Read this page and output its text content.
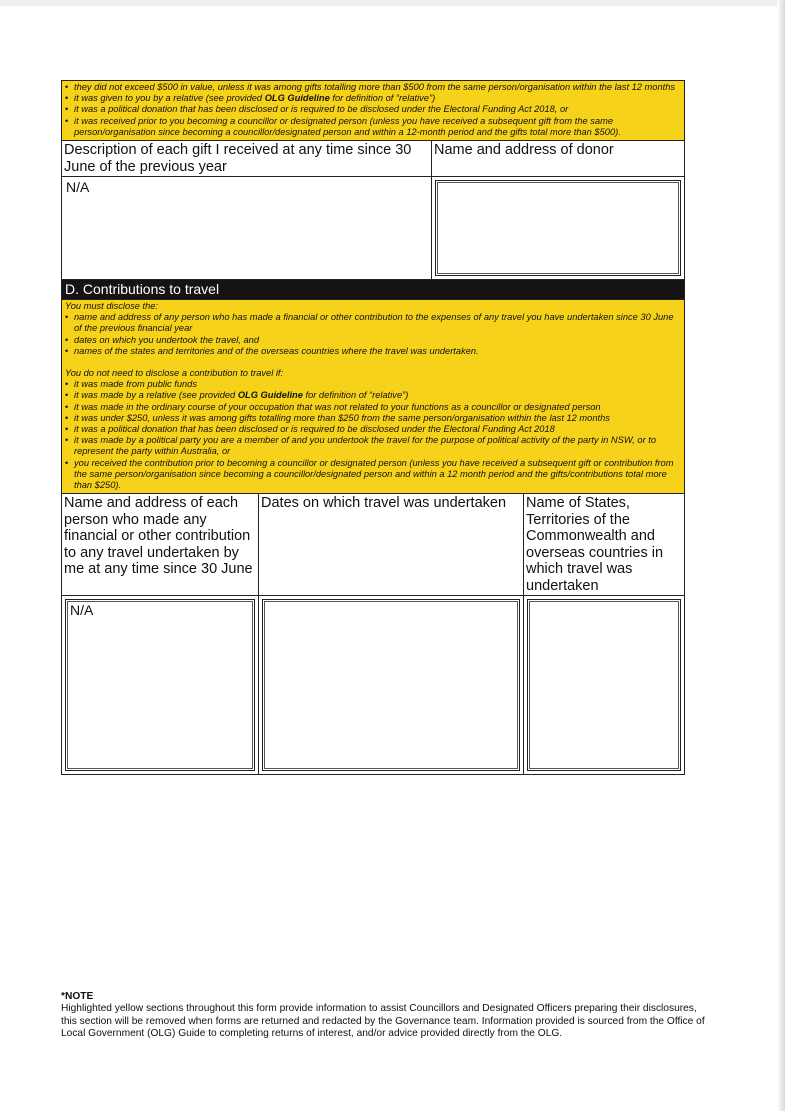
• they did not exceed $500 in value, unless it was among gifts totalling more than $500 from the same person/organisation within the last 12 months
• it was given to you by a relative (see provided OLG Guideline for definition of “relative”)
• it was a political donation that has been disclosed or is required to be disclosed under the Electoral Funding Act 2018, or
• it was received prior to you becoming a councillor or designated person (unless you have received a subsequent gift from the same person/organisation since becoming a councillor/designated person and within a 12-month period and the gifts total more than $500).
Description of each gift I received at any time since 30 June of the previous year
Name and address of donor
N/A
D. Contributions to travel

You must disclose the:

• name and address of any person who has made a financial or other contribution to the expenses of any travel you have undertaken since 30 June of the previous financial year
• dates on which you undertook the travel, and
• names of the states and territories and of the overseas countries where the travel was undertaken.

You do not need to disclose a contribution to travel if:

• it was made from public funds
• it was made by a relative (see provided OLG Guideline for definition of “relative”)
• it was made in the ordinary course of your occupation that was not related to your functions as a councillor or designated person
• it was under $250, unless it was among gifts totalling more than $250 from the same person/organisation within the last 12 months
• it was a political donation that has been disclosed or is required to be disclosed under the Electoral Funding Act 2018
• it was made by a political party you are a member of and you undertook the travel for the purpose of political activity of the party in NSW, or to represent the party within Australia, or
• you received the contribution prior to becoming a councillor or designated person (unless you have received a subsequent gift or contribution from the same person/organisation since becoming a councillor/designated person and within a 12 month period and the gifts/contributions total more than $250).
Name and address of each person who made any financial or other contribution to any travel undertaken by me at any time since 30 June
Dates on which travel was undertaken	Name of States, Territories of the Commonwealth and overseas countries in which travel was undertaken
N/A
*NOTE
Highlighted yellow sections throughout this form provide information to assist Councillors and Designated Officers preparing their disclosures, this section will be removed when forms are returned and redacted by the Governance team. Information provided is sourced from the Office of Local Government (OLG) Guide to completing returns of interest, and/or advice provided directly from the OLG.
